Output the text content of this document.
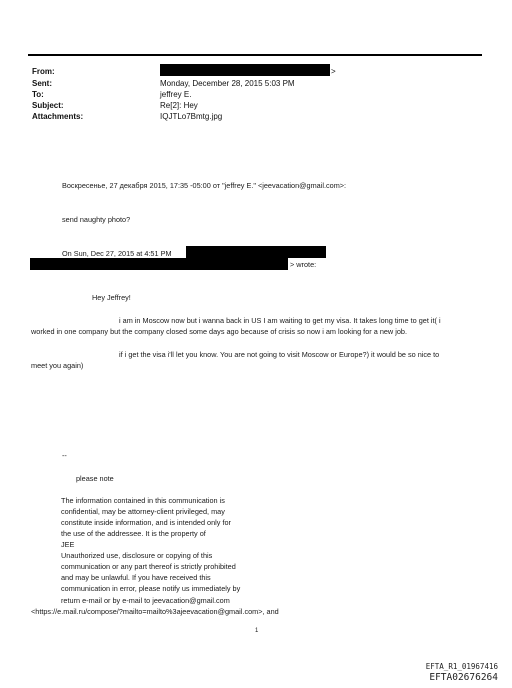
From:	>
Sent:	Monday, December 28, 2015 5:03 PM
To:	jeffrey E.
Subject:	Re[2]: Hey
Attachments:	IQJTLo7Bmtg.jpg
Воскресенье, 27 декабря 2015, 17:35 -05:00 от "jeffrey E." <jeevacation@gmail.com>:
send naughty photo?
On Sun, Dec 27, 2015 at 4:51 PM
> wrote:
Hey Jeffrey!
i am in Moscow now but i wanna back in US I am waiting to get my visa. It takes long time to get it( i
worked in one company but the company closed some days ago because of crisis so now i am looking for a new job.
if i get the visa i'll let you know. You are not going to visit Moscow or Europe?) it would be so nice to
meet you again)
--
please note
The information contained in this communication is
confidential, may be attorney-client privileged, may
constitute inside information, and is intended only for
the use of the addressee. It is the property of
JEE
Unauthorized use, disclosure or copying of this
communication or any part thereof is strictly prohibited
and may be unlawful. If you have received this
communication in error, please notify us immediately by
return e-mail or by e-mail to jeevacation@gmail.com
<https://e.mail.ru/compose/?mailto=mailto%3ajeevacation@gmail.com>, and
1
EFTA_R1_01967416
EFTA02676264
